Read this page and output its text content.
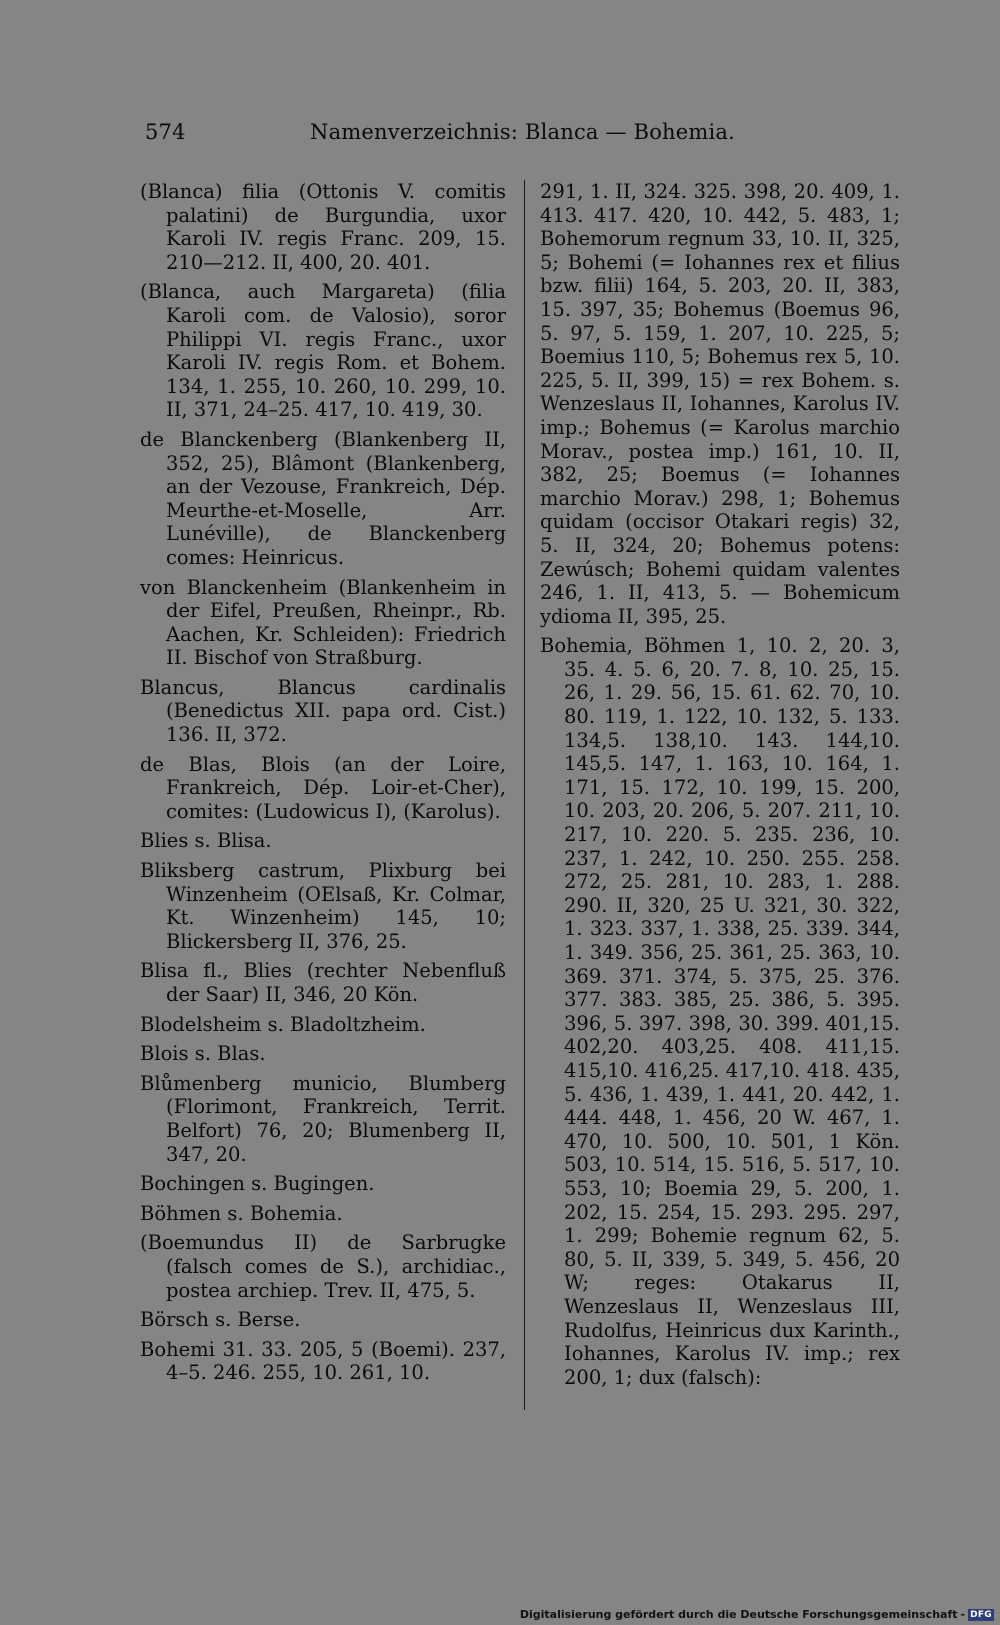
574	Namenverzeichnis: Blanca — Bohemia.

(Blanca) filia (Ottonis V. comitis palatini) de Burgundia, uxor Karoli IV. regis Franc. 209, 15. 210—212. II, 400, 20. 401.

(Blanca, auch Margareta) (filia Karoli com. de Valosio), soror Philippi VI. regis Franc., uxor Karoli IV. regis Rom. et Bohem. 134, 1. 255, 10. 260, 10. 299, 10. II, 371, 24–25. 417, 10. 419, 30.

de Blanckenberg (Blankenberg II, 352, 25), Blâmont (Blankenberg, an der Vezouse, Frankreich, Dép. Meurthe-et-Moselle, Arr. Lunéville), de Blanckenberg comes: Heinricus.

von Blanckenheim (Blankenheim in der Eifel, Preußen, Rheinpr., Rb. Aachen, Kr. Schleiden): Friedrich II. Bischof von Straßburg.

Blancus, Blancus cardinalis (Benedictus XII. papa ord. Cist.) 136. II, 372.

de Blas, Blois (an der Loire, Frankreich, Dép. Loir-et-Cher), comites: (Ludowicus I), (Karolus).

Blies s. Blisa.

Bliksberg castrum, Plixburg bei Winzenheim (OElsaß, Kr. Colmar, Kt. Winzenheim) 145, 10; Blickersberg II, 376, 25.

Blisa fl., Blies (rechter Nebenfluß der Saar) II, 346, 20 Kön.

Blodelsheim s. Bladoltzheim.

Blois s. Blas.

Blůmenberg municio, Blumberg (Florimont, Frankreich, Territ. Belfort) 76, 20; Blumenberg II, 347, 20.

Bochingen s. Bugingen.

Böhmen s. Bohemia.

(Boemundus II) de Sarbrugke (falsch comes de S.), archidiac., postea archiep. Trev. II, 475, 5.

Börsch s. Berse.

Bohemi 31. 33. 205, 5 (Boemi). 237, 4–5. 246. 255, 10. 261, 10.

291, 1. II, 324. 325. 398, 20. 409, 1. 413. 417. 420, 10. 442, 5. 483, 1; Bohemorum regnum 33, 10. II, 325, 5; Bohemi (= Iohannes rex et filius bzw. filii) 164, 5. 203, 20. II, 383, 15. 397, 35; Bohemus (Boemus 96, 5. 97, 5. 159, 1. 207, 10. 225, 5; Boemius 110, 5; Bohemus rex 5, 10. 225, 5. II, 399, 15) = rex Bohem. s. Wenzeslaus II, Iohannes, Karolus IV. imp.; Bohemus (= Karolus marchio Morav., postea imp.) 161, 10. II, 382, 25; Boemus (= Iohannes marchio Morav.) 298, 1; Bohemus quidam (occisor Otakari regis) 32, 5. II, 324, 20; Bohemus potens: Zewúsch; Bohemi quidam valentes 246, 1. II, 413, 5. — Bohemicum ydioma II, 395, 25.

Bohemia, Böhmen 1, 10. 2, 20. 3, 35. 4. 5. 6, 20. 7. 8, 10. 25, 15. 26, 1. 29. 56, 15. 61. 62. 70, 10. 80. 119, 1. 122, 10. 132, 5. 133. 134,5. 138,10. 143. 144,10. 145,5. 147, 1. 163, 10. 164, 1. 171, 15. 172, 10. 199, 15. 200, 10. 203, 20. 206, 5. 207. 211, 10. 217, 10. 220. 5. 235. 236, 10. 237, 1. 242, 10. 250. 255. 258. 272, 25. 281, 10. 283, 1. 288. 290. II, 320, 25 U. 321, 30. 322, 1. 323. 337, 1. 338, 25. 339. 344, 1. 349. 356, 25. 361, 25. 363, 10. 369. 371. 374, 5. 375, 25. 376. 377. 383. 385, 25. 386, 5. 395. 396, 5. 397. 398, 30. 399. 401,15. 402,20. 403,25. 408. 411,15. 415,10. 416,25. 417,10. 418. 435, 5. 436, 1. 439, 1. 441, 20. 442, 1. 444. 448, 1. 456, 20 W. 467, 1. 470, 10. 500, 10. 501, 1 Kön. 503, 10. 514, 15. 516, 5. 517, 10. 553, 10; Boemia 29, 5. 200, 1. 202, 15. 254, 15. 293. 295. 297, 1. 299; Bohemie regnum 62, 5. 80, 5. II, 339, 5. 349, 5. 456, 20 W; reges: Otakarus II, Wenzeslaus II, Wenzeslaus III, Rudolfus, Heinricus dux Karinth., Iohannes, Karolus IV. imp.; rex 200, 1; dux (falsch):

Digitalisierung gefördert durch die Deutsche Forschungsgemeinschaft - DFG
